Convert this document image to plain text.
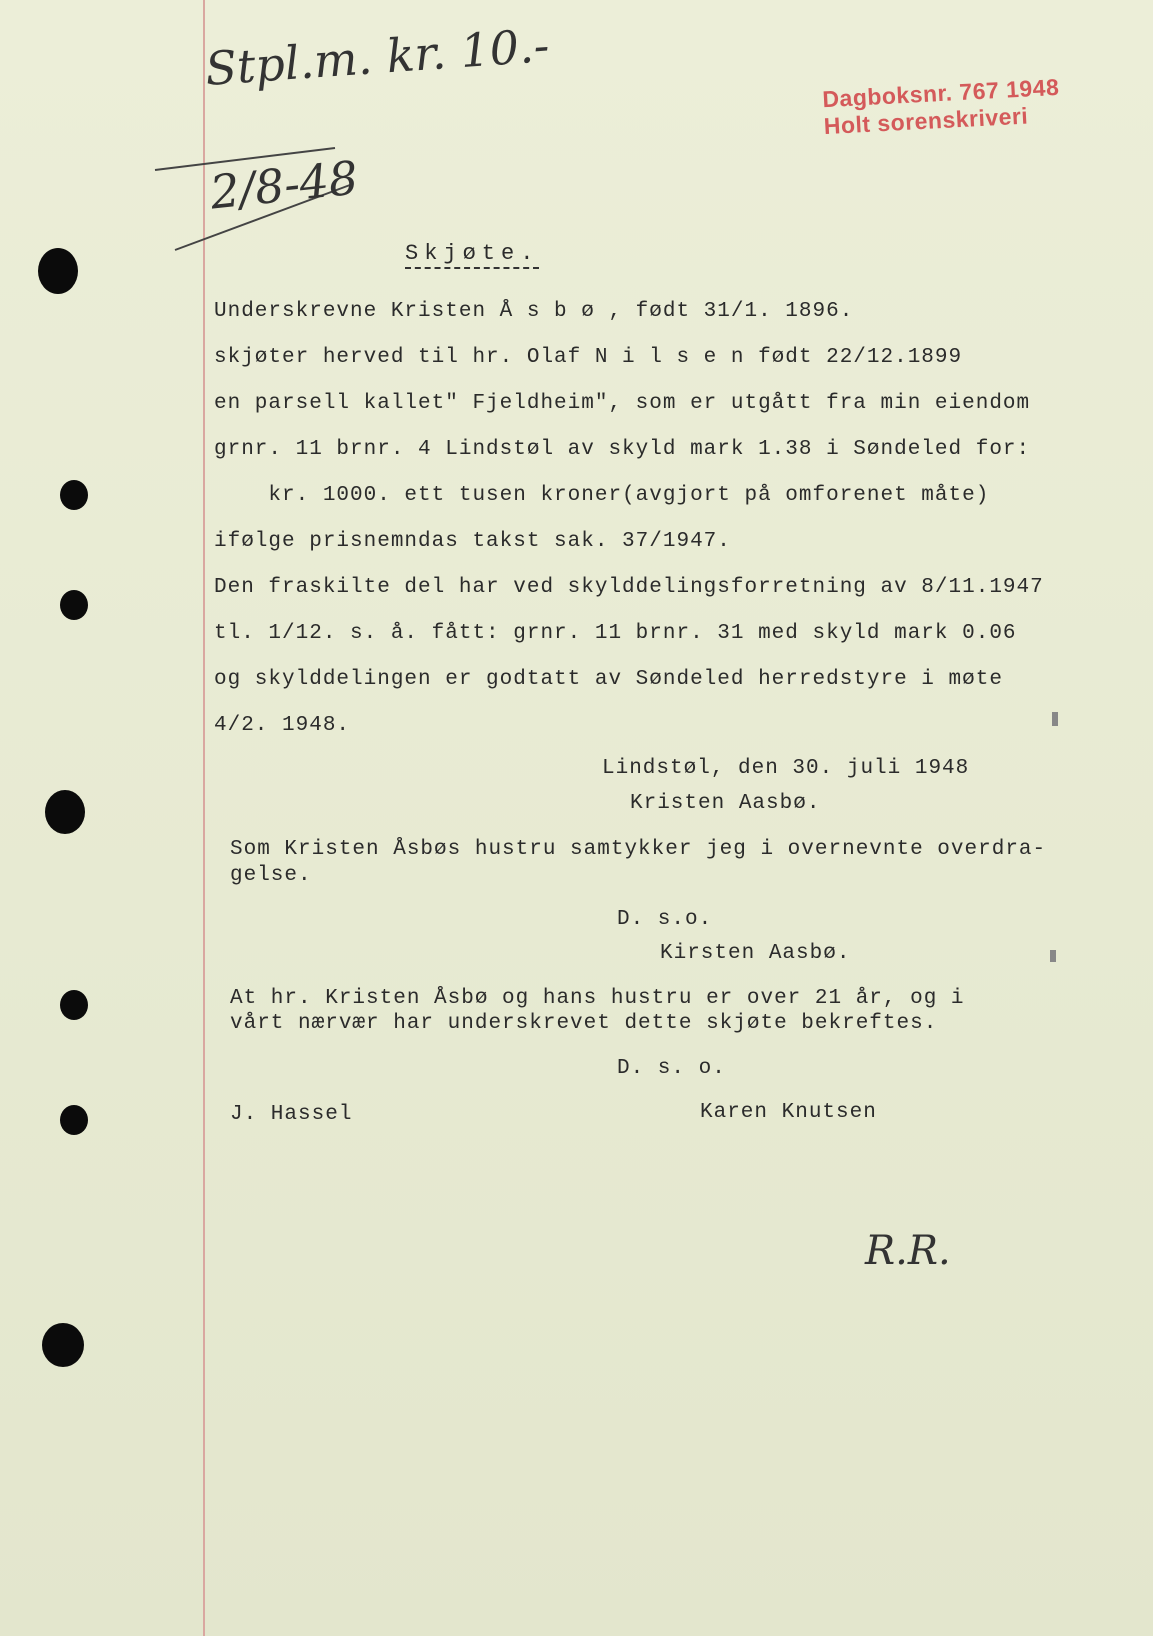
Stpl.m. kr. 10.-
2/8-48
Dagboksnr. 767 1948
Holt sorenskriveri
Skjøte.
Underskrevne Kristen Å s b ø , født 31/1. 1896.
skjøter herved til hr. Olaf N i l s e n født 22/12.1899
en parsell kallet" Fjeldheim", som er utgått fra min eiendom
grnr. 11 brnr. 4 Lindstøl av skyld mark 1.38 i Søndeled for:
kr. 1000. ett tusen kroner(avgjort på omforenet måte)
ifølge prisnemndas takst sak. 37/1947.
Den fraskilte del har ved skylddelingsforretning av 8/11.1947
tl. 1/12. s. å. fått: grnr. 11 brnr. 31 med skyld mark 0.06
og skylddelingen er godtatt av Søndeled herredstyre i møte
4/2. 1948.
Lindstøl, den 30. juli 1948
Kristen Aasbø.
Som Kristen Åsbøs hustru samtykker jeg i overnevnte overdra-
gelse.
D. s.o.
Kirsten Aasbø.
At hr. Kristen Åsbø og hans hustru er over 21 år, og i
vårt nærvær har underskrevet dette skjøte bekreftes.
D. s. o.
J. Hassel	Karen Knutsen
R.R.
